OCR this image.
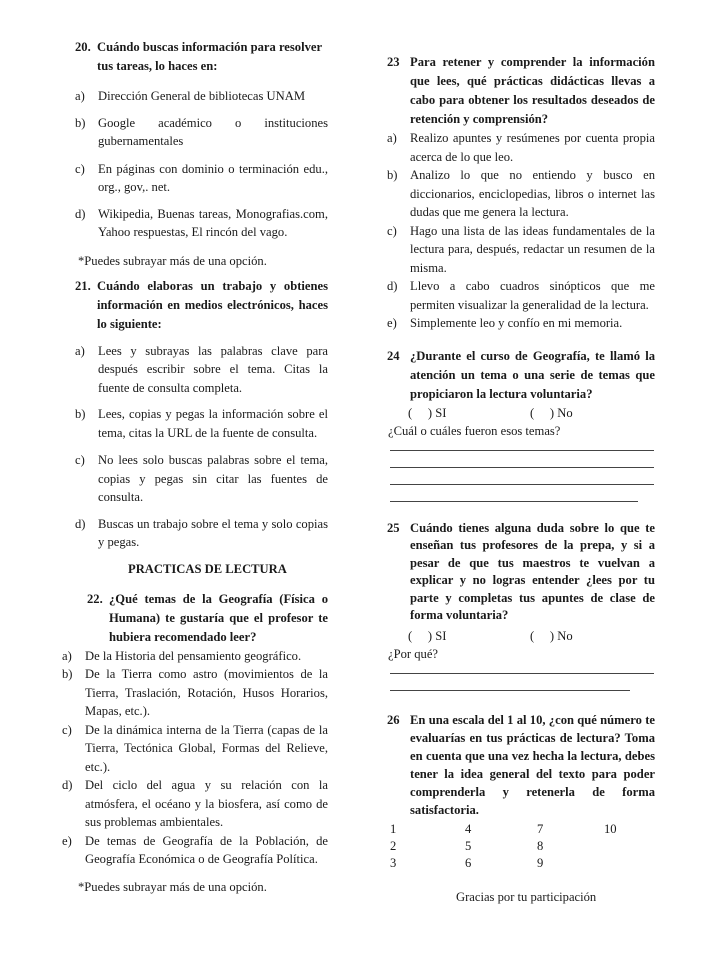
20. Cuándo buscas información para resolver tus tareas, lo haces en:
a) Dirección General de bibliotecas UNAM
b) Google académico o instituciones gubernamentales
c) En páginas con dominio o terminación edu., org., gov,. net.
d) Wikipedia, Buenas tareas, Monografias.com, Yahoo respuestas, El rincón del vago.
*Puedes subrayar más de una opción.
21. Cuándo elaboras un trabajo y obtienes información en medios electrónicos, haces lo siguiente:
a) Lees y subrayas las palabras clave para después escribir sobre el tema. Citas la fuente de consulta completa.
b) Lees, copias y pegas la información sobre el tema, citas la URL de la fuente de consulta.
c) No lees solo buscas palabras sobre el tema, copias y pegas sin citar las fuentes de consulta.
d) Buscas un trabajo sobre el tema y solo copias y pegas.
PRACTICAS DE LECTURA
22. ¿Qué temas de la Geografía (Física o Humana) te gustaría que el profesor te hubiera recomendado leer?
a) De la Historia del pensamiento geográfico.
b) De la Tierra como astro (movimientos de la Tierra, Traslación, Rotación, Husos Horarios, Mapas, etc.).
c) De la dinámica interna de la Tierra (capas de la Tierra, Tectónica Global, Formas del Relieve, etc.).
d) Del ciclo del agua y su relación con la atmósfera, el océano y la biosfera, así como de sus problemas ambientales.
e) De temas de Geografía de la Población, de Geografía Económica o de Geografía Política.
*Puedes subrayar más de una opción.
23 Para retener y comprender la información que lees, qué prácticas didácticas llevas a cabo para obtener los resultados deseados de retención y comprensión?
a) Realizo apuntes y resúmenes por cuenta propia acerca de lo que leo.
b) Analizo lo que no entiendo y busco en diccionarios, enciclopedias, libros o internet las dudas que me genera la lectura.
c) Hago una lista de las ideas fundamentales de la lectura para, después, redactar un resumen de la misma.
d) Llevo a cabo cuadros sinópticos que me permiten visualizar la generalidad de la lectura.
e) Simplemente leo y confío en mi memoria.
24 ¿Durante el curso de Geografía, te llamó la atención un tema o una serie de temas que propiciaron la lectura voluntaria?
(     ) SI	(     ) No
¿Cuál o cuáles fueron esos temas?
25 Cuándo tienes alguna duda sobre lo que te enseñan tus profesores de la prepa, y si a pesar de que tus maestros te vuelvan a explicar y no logras entender ¿lees por tu parte y completas tus apuntes de clase de forma voluntaria?
(     ) SI	(     ) No
¿Por qué?
26 En una escala del 1 al 10, ¿con qué número te evaluarías en tus prácticas de lectura? Toma en cuenta que una vez hecha la lectura, debes tener la idea general del texto para poder comprenderla y retenerla de forma satisfactoria.
1	4	7	10
2	5	8
3	6	9
Gracias por tu participación
